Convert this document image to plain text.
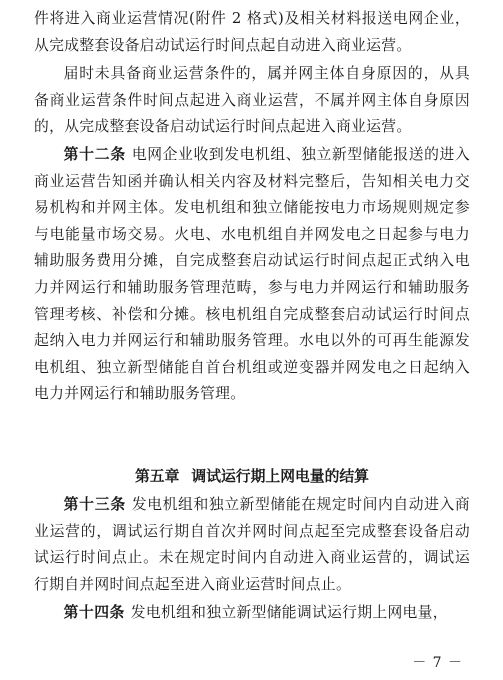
件将进入商业运营情况(附件 2 格式)及相关材料报送电网企业，从完成整套设备启动试运行时间点起自动进入商业运营。
届时未具备商业运营条件的，属并网主体自身原因的，从具备商业运营条件时间点起进入商业运营，不属并网主体自身原因的，从完成整套设备启动试运行时间点起进入商业运营。
第十二条 电网企业收到发电机组、独立新型储能报送的进入商业运营告知函并确认相关内容及材料完整后，告知相关电力交易机构和并网主体。发电机组和独立储能按电力市场规则规定参与电能量市场交易。火电、水电机组自并网发电之日起参与电力辅助服务费用分摊，自完成整套启动试运行时间点起正式纳入电力并网运行和辅助服务管理范畴，参与电力并网运行和辅助服务管理考核、补偿和分摊。核电机组自完成整套启动试运行时间点起纳入电力并网运行和辅助服务管理。水电以外的可再生能源发电机组、独立新型储能自首台机组或逆变器并网发电之日起纳入电力并网运行和辅助服务管理。
第五章 调试运行期上网电量的结算
第十三条 发电机组和独立新型储能在规定时间内自动进入商业运营的，调试运行期自首次并网时间点起至完成整套设备启动试运行时间点止。未在规定时间内自动进入商业运营的，调试运行期自并网时间点起至进入商业运营时间点止。
第十四条 发电机组和独立新型储能调试运行期上网电量，
－ 7 －
